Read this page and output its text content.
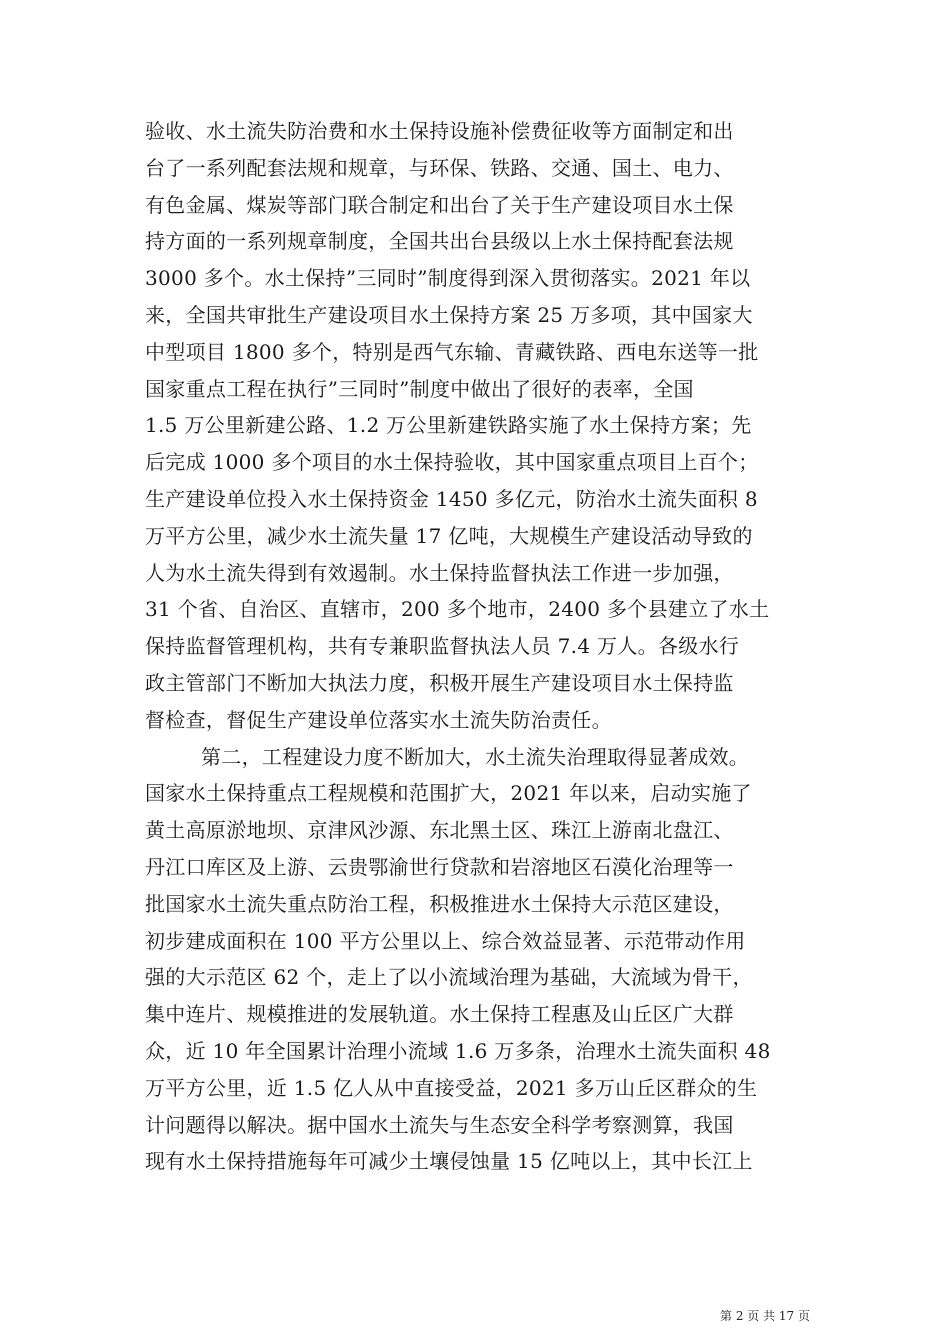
验收、水土流失防治费和水土保持设施补偿费征收等方面制定和出
台了一系列配套法规和规章，与环保、铁路、交通、国土、电力、
有色金属、煤炭等部门联合制定和出台了关于生产建设项目水土保
持方面的一系列规章制度，全国共出台县级以上水土保持配套法规
3000 多个。水土保持”三同时”制度得到深入贯彻落实。2021 年以
来，全国共审批生产建设项目水土保持方案 25 万多项，其中国家大
中型项目 1800 多个，特别是西气东输、青藏铁路、西电东送等一批
国家重点工程在执行”三同时”制度中做出了很好的表率，全国
1.5 万公里新建公路、1.2 万公里新建铁路实施了水土保持方案；先
后完成 1000 多个项目的水土保持验收，其中国家重点项目上百个；
生产建设单位投入水土保持资金 1450 多亿元，防治水土流失面积 8
万平方公里，减少水土流失量 17 亿吨，大规模生产建设活动导致的
人为水土流失得到有效遏制。水土保持监督执法工作进一步加强，
31 个省、自治区、直辖市，200 多个地市，2400 多个县建立了水土
保持监督管理机构，共有专兼职监督执法人员 7.4 万人。各级水行
政主管部门不断加大执法力度，积极开展生产建设项目水土保持监
督检查，督促生产建设单位落实水土流失防治责任。
第二，工程建设力度不断加大，水土流失治理取得显著成效。
国家水土保持重点工程规模和范围扩大，2021 年以来，启动实施了
黄土高原淤地坝、京津风沙源、东北黑土区、珠江上游南北盘江、
丹江口库区及上游、云贵鄂渝世行贷款和岩溶地区石漠化治理等一
批国家水土流失重点防治工程，积极推进水土保持大示范区建设，
初步建成面积在 100 平方公里以上、综合效益显著、示范带动作用
强的大示范区 62 个，走上了以小流域治理为基础，大流域为骨干，
集中连片、规模推进的发展轨道。水土保持工程惠及山丘区广大群
众，近 10 年全国累计治理小流域 1.6 万多条，治理水土流失面积 48
万平方公里，近 1.5 亿人从中直接受益，2021 多万山丘区群众的生
计问题得以解决。据中国水土流失与生态安全科学考察测算，我国
现有水土保持措施每年可减少土壤侵蚀量 15 亿吨以上，其中长江上
第 2 页 共 17 页
